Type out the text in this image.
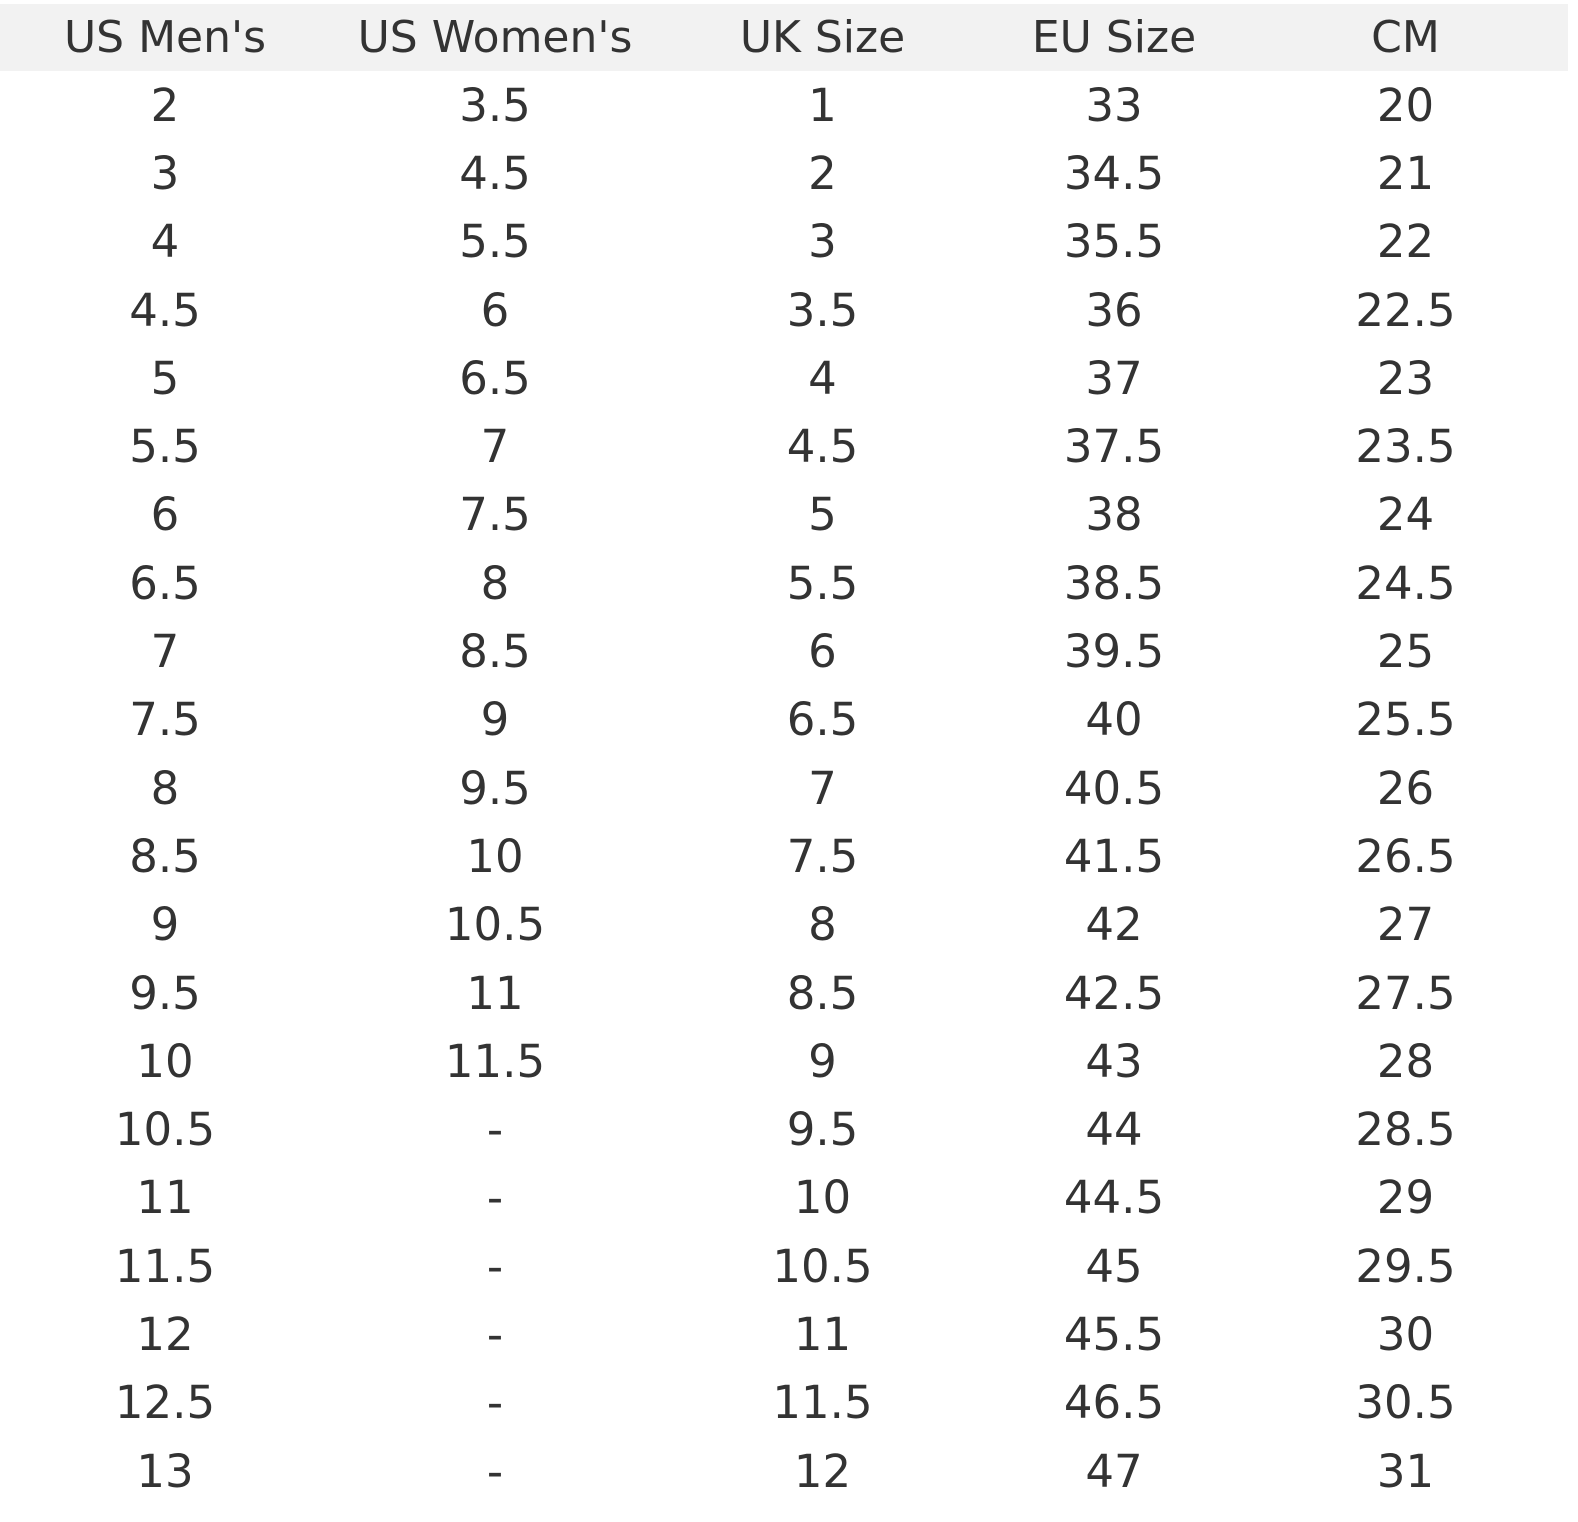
US Men's	US Women's	UK Size	EU Size	CM
2	3.5	1	33	20
3	4.5	2	34.5	21
4	5.5	3	35.5	22
4.5	6	3.5	36	22.5
5	6.5	4	37	23
5.5	7	4.5	37.5	23.5
6	7.5	5	38	24
6.5	8	5.5	38.5	24.5
7	8.5	6	39.5	25
7.5	9	6.5	40	25.5
8	9.5	7	40.5	26
8.5	10	7.5	41.5	26.5
9	10.5	8	42	27
9.5	11	8.5	42.5	27.5
10	11.5	9	43	28
10.5	-	9.5	44	28.5
11	-	10	44.5	29
11.5	-	10.5	45	29.5
12	-	11	45.5	30
12.5	-	11.5	46.5	30.5
13	-	12	47	31
